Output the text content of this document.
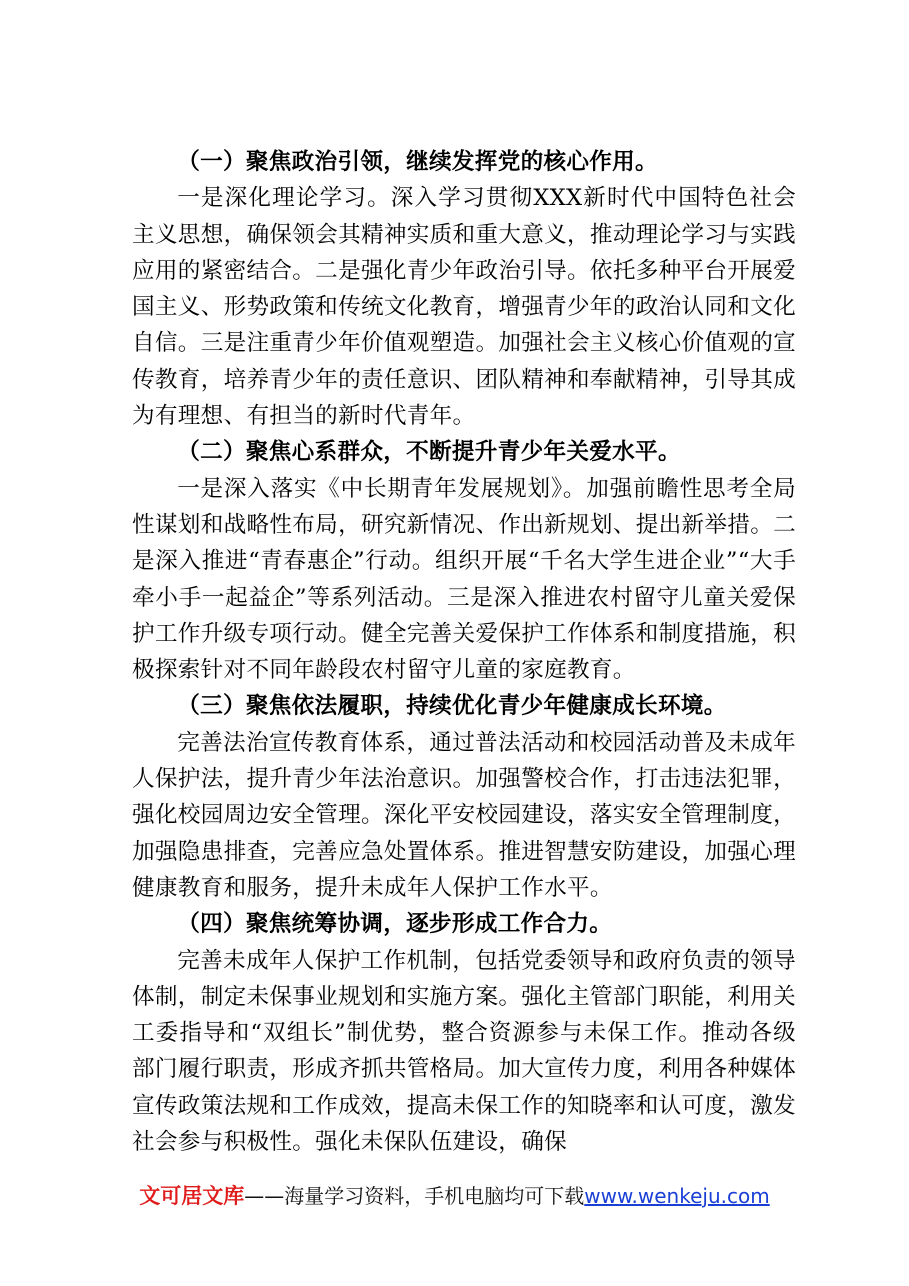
（一）聚焦政治引领，继续发挥党的核心作用。

一是深化理论学习。深入学习贯彻XXX新时代中国特色社会主义思想，确保领会其精神实质和重大意义，推动理论学习与实践应用的紧密结合。二是强化青少年政治引导。依托多种平台开展爱国主义、形势政策和传统文化教育，增强青少年的政治认同和文化自信。三是注重青少年价值观塑造。加强社会主义核心价值观的宣传教育，培养青少年的责任意识、团队精神和奉献精神，引导其成为有理想、有担当的新时代青年。

（二）聚焦心系群众，不断提升青少年关爱水平。

一是深入落实《中长期青年发展规划》。加强前瞻性思考全局性谋划和战略性布局，研究新情况、作出新规划、提出新举措。二是深入推进“青春惠企”行动。组织开展“千名大学生进企业”“大手牵小手一起益企”等系列活动。三是深入推进农村留守儿童关爱保护工作升级专项行动。健全完善关爱保护工作体系和制度措施，积极探索针对不同年龄段农村留守儿童的家庭教育。

（三）聚焦依法履职，持续优化青少年健康成长环境。

完善法治宣传教育体系，通过普法活动和校园活动普及未成年人保护法，提升青少年法治意识。加强警校合作，打击违法犯罪，强化校园周边安全管理。深化平安校园建设，落实安全管理制度，加强隐患排查，完善应急处置体系。推进智慧安防建设，加强心理健康教育和服务，提升未成年人保护工作水平。

（四）聚焦统筹协调，逐步形成工作合力。

完善未成年人保护工作机制，包括党委领导和政府负责的领导体制，制定未保事业规划和实施方案。强化主管部门职能，利用关工委指导和“双组长”制优势，整合资源参与未保工作。推动各级部门履行职责，形成齐抓共管格局。加大宣传力度，利用各种媒体宣传政策法规和工作成效，提高未保工作的知晓率和认可度，激发社会参与积极性。强化未保队伍建设，确保

文可居文库——海量学习资料，手机电脑均可下载www.wenkeju.com
